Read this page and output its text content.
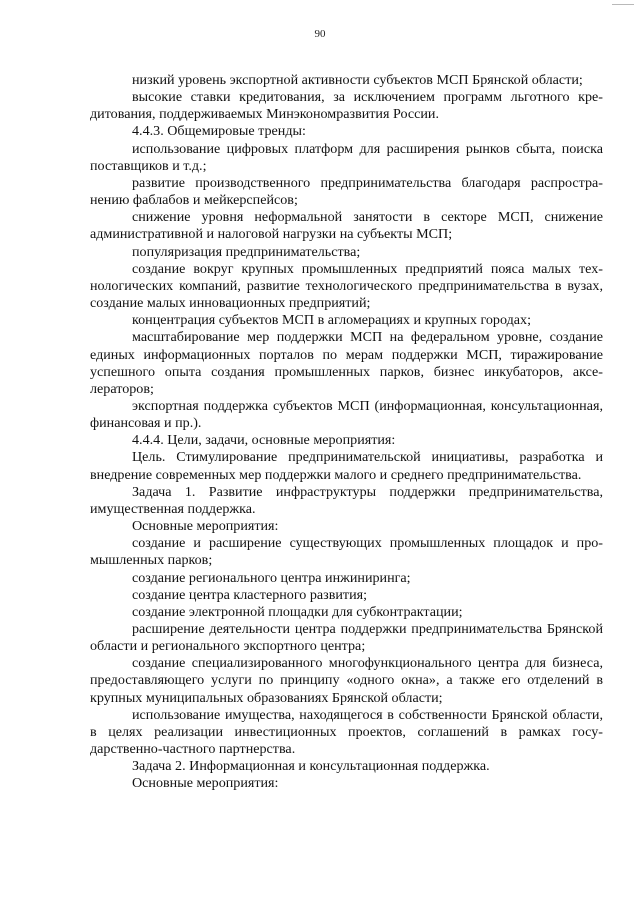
90

низкий уровень экспортной активности субъектов МСП Брянской области;

высокие ставки кредитования, за исключением программ льготного кредитования, поддерживаемых Минэкономразвития России.

4.4.3. Общемировые тренды:

использование цифровых платформ для расширения рынков сбыта, поиска поставщиков и т.д.;

развитие производственного предпринимательства благодаря распространению фаблабов и мейкерспейсов;

снижение уровня неформальной занятости в секторе МСП, снижение административной и налоговой нагрузки на субъекты МСП;

популяризация предпринимательства;

создание вокруг крупных промышленных предприятий пояса малых технологических компаний, развитие технологического предпринимательства в вузах, создание малых инновационных предприятий;

концентрация субъектов МСП в агломерациях и крупных городах;

масштабирование мер поддержки МСП на федеральном уровне, создание единых информационных порталов по мерам поддержки МСП, тиражирование успешного опыта создания промышленных парков, бизнес инкубаторов, акселераторов;

экспортная поддержка субъектов МСП (информационная, консультационная, финансовая и пр.).

4.4.4. Цели, задачи, основные мероприятия:

Цель. Стимулирование предпринимательской инициативы, разработка и внедрение современных мер поддержки малого и среднего предпринимательства.

Задача 1. Развитие инфраструктуры поддержки предпринимательства, имущественная поддержка.

Основные мероприятия:

создание и расширение существующих промышленных площадок и промышленных парков;

создание регионального центра инжиниринга;

создание центра кластерного развития;

создание электронной площадки для субконтрактации;

расширение деятельности центра поддержки предпринимательства Брянской области и регионального экспортного центра;

создание специализированного многофункционального центра для бизнеса, предоставляющего услуги по принципу «одного окна», а также его отделений в крупных муниципальных образованиях Брянской области;

использование имущества, находящегося в собственности Брянской области, в целях реализации инвестиционных проектов, соглашений в рамках государственно-частного партнерства.

Задача 2. Информационная и консультационная поддержка.

Основные мероприятия:
